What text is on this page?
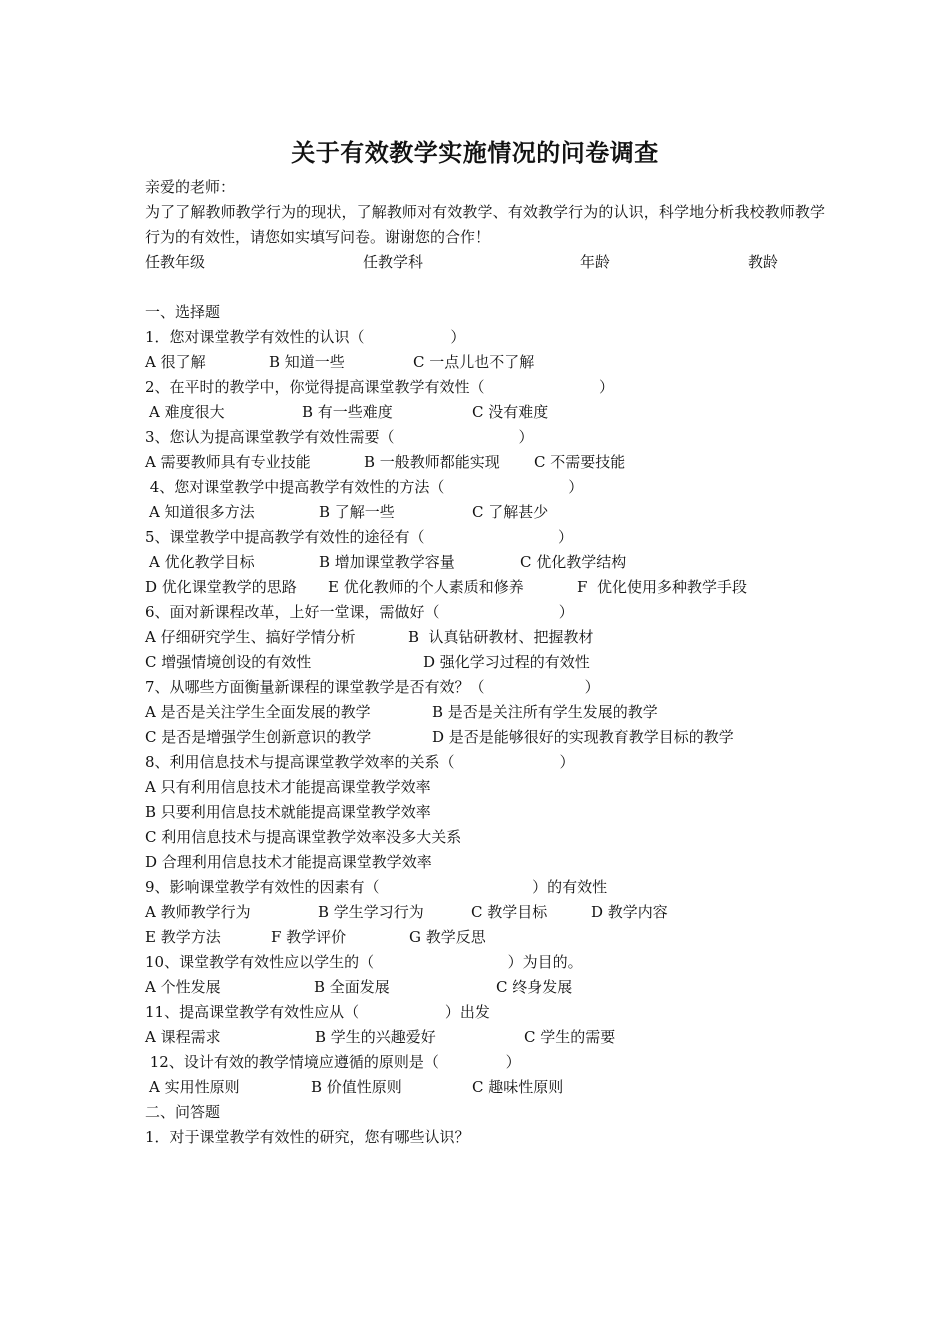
关于有效教学实施情况的问卷调查
亲爱的老师：
为了了解教师教学行为的现状，了解教师对有效教学、有效教学行为的认识，科学地分析我校教师教学行为的有效性，请您如实填写问卷。谢谢您的合作！

任教年级

	任教学科

	年龄

	教龄

一、选择题
1．您对课堂教学有效性的认识（                  ）

A 很了解

	B 知道一些

	C 一点儿也不了解

2、在平时的教学中，你觉得提高课堂教学有效性（                        ）

A 难度很大

	B 有一些难度

	C 没有难度

3、您认为提高课堂教学有效性需要（                          ）

A 需要教师具有专业技能

	B 一般教师都能实现

C 不需要技能

4、您对课堂教学中提高教学有效性的方法（                          ）

A 知道很多方法

	B 了解一些

	C 了解甚少

5、课堂教学中提高教学有效性的途径有（                            ）

A 优化教学目标

	B 增加课堂教学容量

	C 优化教学结构

D 优化课堂教学的思路

E 优化教师的个人素质和修养

	F  优化使用多种教学手段

6、面对新课程改革，上好一堂课，需做好（                         ）

A 仔细研究学生、搞好学情分析

	B  认真钻研教材、把握教材

C 增强情境创设的有效性

	D 强化学习过程的有效性

7、从哪些方面衡量新课程的课堂教学是否有效？（                     ）

A 是否是关注学生全面发展的教学

	B 是否是关注所有学生发展的教学

C 是否是增强学生创新意识的教学

	D 是否是能够很好的实现教育教学目标的教学

8、利用信息技术与提高课堂教学效率的关系（                      ）

A 只有利用信息技术才能提高课堂教学效率

B 只要利用信息技术就能提高课堂教学效率

C 利用信息技术与提高课堂教学效率没多大关系

D 合理利用信息技术才能提高课堂教学效率

9、影响课堂教学有效性的因素有（                                ）的有效性

A 教师教学行为

	B 学生学习行为

	C 教学目标

	D 教学内容

E 教学方法

	F 教学评价

	G 教学反思

10、课堂教学有效性应以学生的（                            ）为目的。

A 个性发展

	B 全面发展

	C 终身发展

11、提高课堂教学有效性应从（                  ）出发

A 课程需求

	B 学生的兴趣爱好

	C 学生的需要

12、设计有效的教学情境应遵循的原则是（              ）

A 实用性原则

	B 价值性原则

	C 趣味性原则

二、问答题
1．对于课堂教学有效性的研究，您有哪些认识？
